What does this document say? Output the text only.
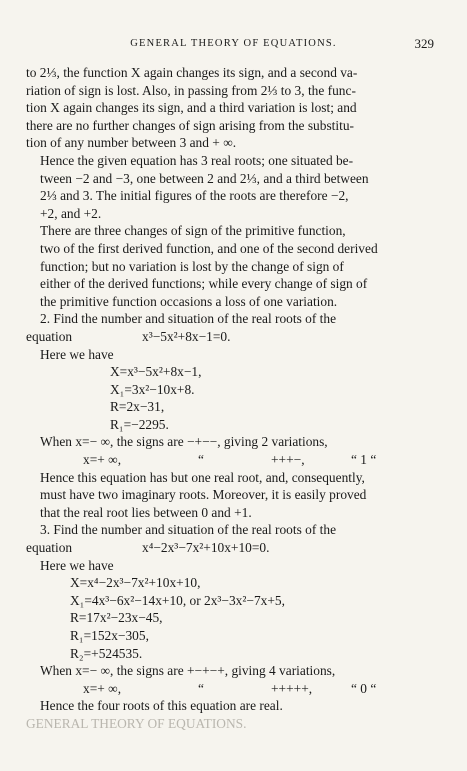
GENERAL THEORY OF EQUATIONS.	329

to 2⅓, the function X again changes its sign, and a second va-
riation of sign is lost. Also, in passing from 2⅓ to 3, the func-
tion X again changes its sign, and a third variation is lost; and
there are no further changes of sign arising from the substitu-
tion of any number between 3 and + ∞.

Hence the given equation has 3 real roots; one situated be-
tween −2 and −3, one between 2 and 2⅓, and a third between
2⅓ and 3. The initial figures of the roots are therefore −2,
+2, and +2.

There are three changes of sign of the primitive function,
two of the first derived function, and one of the second derived
function; but no variation is lost by the change of sign of
either of the derived functions; while every change of sign of
the primitive function occasions a loss of one variation.

2. Find the number and situation of the real roots of the

equation	x³−5x²+8x−1=0.

Here we have

X=x³−5x²+8x−1,
X₁=3x²−10x+8.
R=2x−31,
R₁=−2295.

When x=− ∞, the signs are −+−−, giving 2 variations,

x=+ ∞,	“	+++−,	“ 1 “

Hence this equation has but one real root, and, consequently,
must have two imaginary roots. Moreover, it is easily proved
that the real root lies between 0 and +1.

3. Find the number and situation of the real roots of the

equation	x⁴−2x³−7x²+10x+10=0.

Here we have

X=x⁴−2x³−7x²+10x+10,
X₁=4x³−6x²−14x+10, or 2x³−3x²−7x+5,
R=17x²−23x−45,
R₁=152x−305,
R₂=+524535.

When x=− ∞, the signs are +−+−+, giving 4 variations,

x=+ ∞,	“	+++++,	“ 0 “

Hence the four roots of this equation are real.

GENERAL THEORY OF EQUATIONS.
